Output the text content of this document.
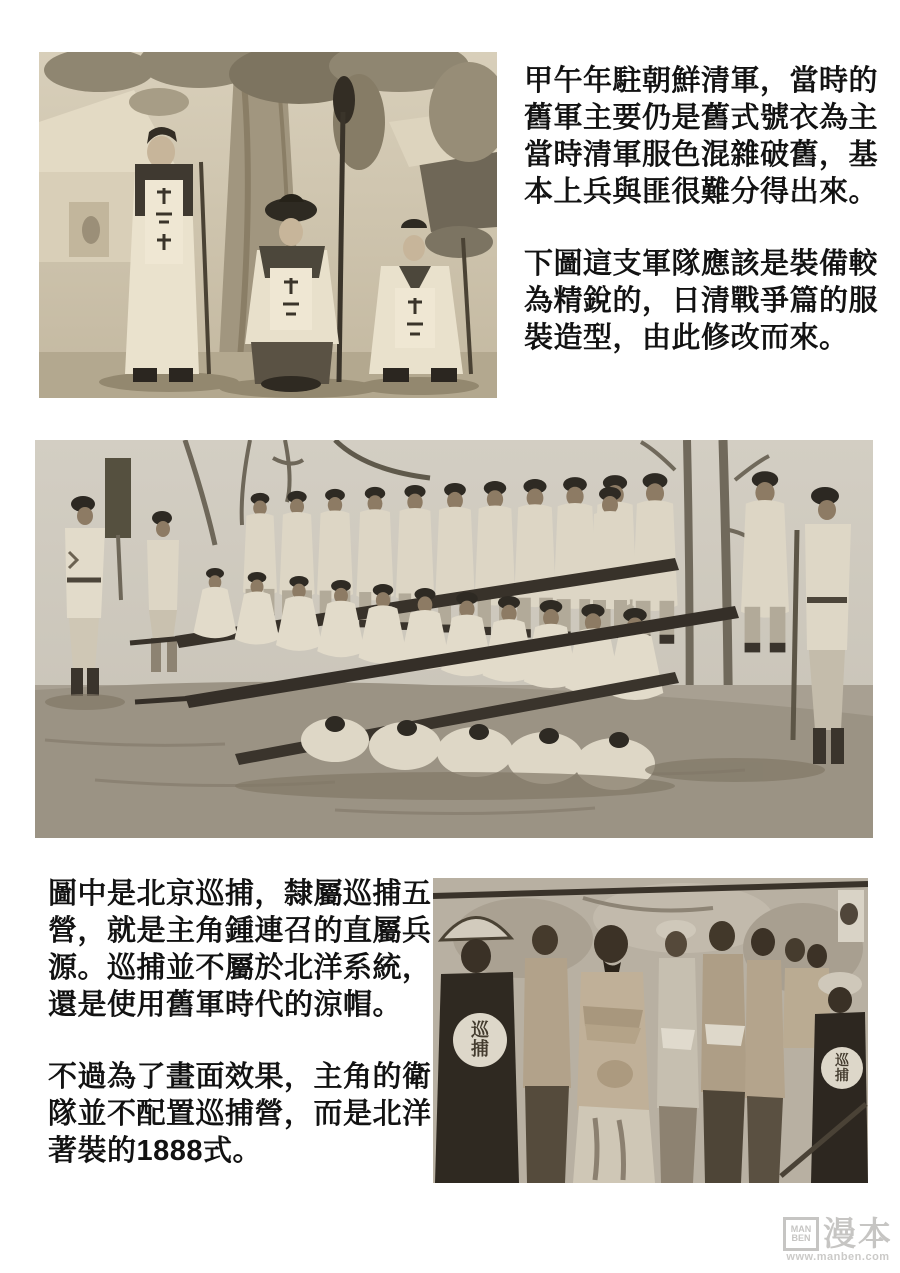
甲午年駐朝鮮清軍，當時的
舊軍主要仍是舊式號衣為主
當時清軍服色混雜破舊，基
本上兵與匪很難分得出來。
下圖這支軍隊應該是裝備較
為精銳的，日清戰爭篇的服
裝造型，由此修改而來。
圖中是北京巡捕，隸屬巡捕五
營，就是主角鍾連召的直屬兵
源。巡捕並不屬於北洋系統，
還是使用舊軍時代的涼帽。
不過為了畫面效果，主角的衛
隊並不配置巡捕營，而是北洋
著裝的1888式。
巡
捕
巡
捕
MAN
BEN 漫本
www.manben.com
